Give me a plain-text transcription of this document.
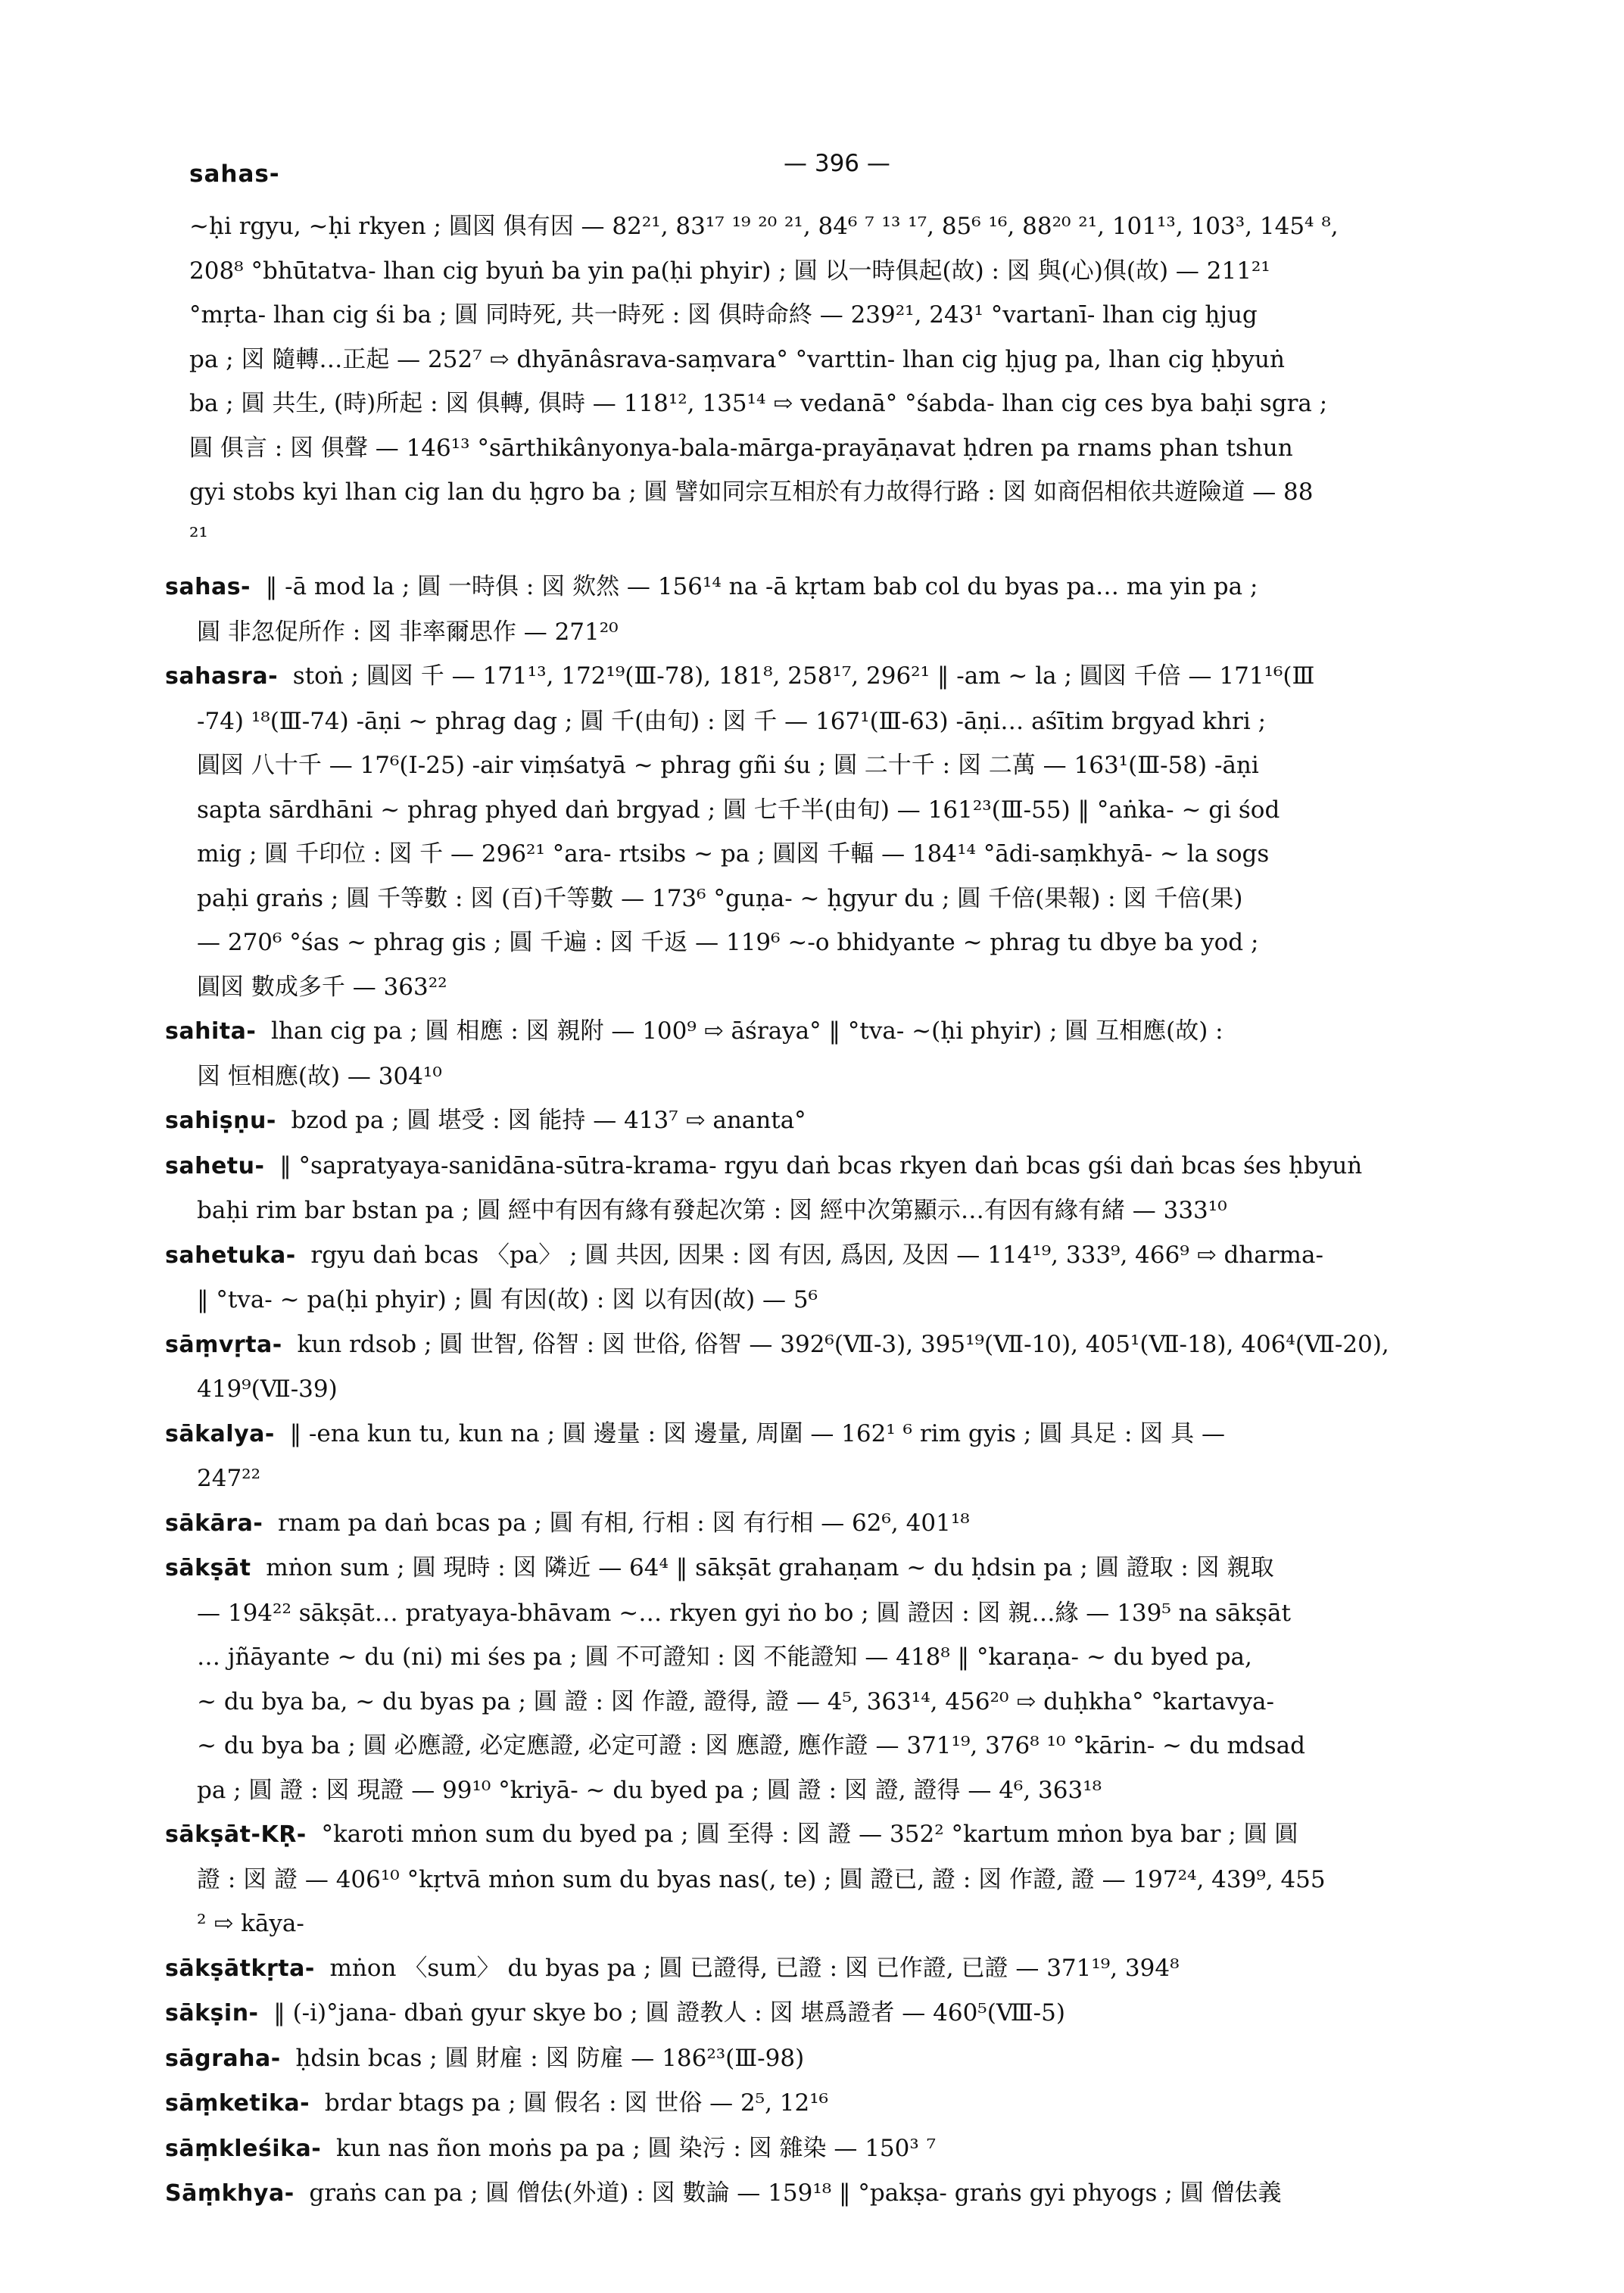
sahas-	— 396 —
~ḥi rgyu, ~ḥi rkyen ; 圓図 俱有因 — 82²¹, 83¹⁷ ¹⁹ ²⁰ ²¹, 84⁶ ⁷ ¹³ ¹⁷, 85⁶ ¹⁶, 88²⁰ ²¹, 101¹³, 103³, 145⁴ ⁸,
208⁸ °bhūtatva- lhan cig byuṅ ba yin pa(ḥi phyir) ; 圓 以一時俱起(故) : 図 與(心)俱(故) — 211²¹
°mṛta- lhan cig śi ba ; 圓 同時死, 共一時死 : 図 俱時命終 — 239²¹, 243¹ °vartanī- lhan cig ḥjug
pa ; 図 隨轉…正起 — 252⁷ ⇨ dhyānâsrava-saṃvara° °varttin- lhan cig ḥjug pa, lhan cig ḥbyuṅ
ba ; 圓 共生, (時)所起 : 図 俱轉, 俱時 — 118¹², 135¹⁴ ⇨ vedanā° °śabda- lhan cig ces bya baḥi sgra ;
圓 俱言 : 図 俱聲 — 146¹³ °sārthikânyonya-bala-mārga-prayāṇavat ḥdren pa rnams phan tshun
gyi stobs kyi lhan cig lan du ḥgro ba ; 圓 譬如同宗互相於有力故得行路 : 図 如商侶相依共遊險道 — 88
²¹
sahas- ‖ -ā mod la ; 圓 一時俱 : 図 欻然 — 156¹⁴ na -ā kṛtam bab col du byas pa… ma yin pa ;
圓 非忽促所作 : 図 非率爾思作 — 271²⁰
sahasra- stoṅ ; 圓図 千 — 171¹³, 172¹⁹(Ⅲ-78), 181⁸, 258¹⁷, 296²¹ ‖ -am ~ la ; 圓図 千倍 — 171¹⁶(Ⅲ
-74) ¹⁸(Ⅲ-74) -āṇi ~ phrag dag ; 圓 千(由旬) : 図 千 — 167¹(Ⅲ-63) -āṇi… aśītim brgyad khri ;
圓図 八十千 — 17⁶(Ⅰ-25) -air viṃśatyā ~ phrag gñi śu ; 圓 二十千 : 図 二萬 — 163¹(Ⅲ-58) -āṇi
sapta sārdhāni ~ phrag phyed daṅ brgyad ; 圓 七千半(由旬) — 161²³(Ⅲ-55) ‖ °aṅka- ~ gi śod
mig ; 圓 千印位 : 図 千 — 296²¹ °ara- rtsibs ~ pa ; 圓図 千輻 — 184¹⁴ °ādi-saṃkhyā- ~ la sogs
paḥi graṅs ; 圓 千等數 : 図 (百)千等數 — 173⁶ °guṇa- ~ ḥgyur du ; 圓 千倍(果報) : 図 千倍(果)
— 270⁶ °śas ~ phrag gis ; 圓 千遍 : 図 千返 — 119⁶ ~-o bhidyante ~ phrag tu dbye ba yod ;
圓図 數成多千 — 363²²
sahita- lhan cig pa ; 圓 相應 : 図 親附 — 100⁹ ⇨ āśraya° ‖ °tva- ~(ḥi phyir) ; 圓 互相應(故) :
図 恒相應(故) — 304¹⁰
sahiṣṇu- bzod pa ; 圓 堪受 : 図 能持 — 413⁷ ⇨ ananta°
sahetu- ‖ °sapratyaya-sanidāna-sūtra-krama- rgyu daṅ bcas rkyen daṅ bcas gśi daṅ bcas śes ḥbyuṅ
baḥi rim bar bstan pa ; 圓 經中有因有緣有發起次第 : 図 經中次第顯示…有因有緣有緒 — 333¹⁰
sahetuka- rgyu daṅ bcas 〈pa〉 ; 圓 共因, 因果 : 図 有因, 爲因, 及因 — 114¹⁹, 333⁹, 466⁹ ⇨ dharma-
‖ °tva- ~ pa(ḥi phyir) ; 圓 有因(故) : 図 以有因(故) — 5⁶
sāṃvṛta- kun rdsob ; 圓 世智, 俗智 : 図 世俗, 俗智 — 392⁶(Ⅶ-3), 395¹⁹(Ⅶ-10), 405¹(Ⅶ-18), 406⁴(Ⅶ-20),
419⁹(Ⅶ-39)
sākalya- ‖ -ena kun tu, kun na ; 圓 邊量 : 図 邊量, 周圍 — 162¹ ⁶ rim gyis ; 圓 具足 : 図 具 —
247²²
sākāra- rnam pa daṅ bcas pa ; 圓 有相, 行相 : 図 有行相 — 62⁶, 401¹⁸
sākṣāt mṅon sum ; 圓 現時 : 図 隣近 — 64⁴ ‖ sākṣāt grahaṇam ~ du ḥdsin pa ; 圓 證取 : 図 親取
— 194²² sākṣāt… pratyaya-bhāvam ~… rkyen gyi ṅo bo ; 圓 證因 : 図 親…緣 — 139⁵ na sākṣāt
… jñāyante ~ du (ni) mi śes pa ; 圓 不可證知 : 図 不能證知 — 418⁸ ‖ °karaṇa- ~ du byed pa,
~ du bya ba, ~ du byas pa ; 圓 證 : 図 作證, 證得, 證 — 4⁵, 363¹⁴, 456²⁰ ⇨ duḥkha° °kartavya-
~ du bya ba ; 圓 必應證, 必定應證, 必定可證 : 図 應證, 應作證 — 371¹⁹, 376⁸ ¹⁰ °kārin- ~ du mdsad
pa ; 圓 證 : 図 現證 — 99¹⁰ °kriyā- ~ du byed pa ; 圓 證 : 図 證, 證得 — 4⁶, 363¹⁸
sākṣāt-KṚ- °karoti mṅon sum du byed pa ; 圓 至得 : 図 證 — 352² °kartum mṅon bya bar ; 圓 圓
證 : 図 證 — 406¹⁰ °kṛtvā mṅon sum du byas nas(, te) ; 圓 證已, 證 : 図 作證, 證 — 197²⁴, 439⁹, 455
² ⇨ kāya-
sākṣātkṛta- mṅon 〈sum〉 du byas pa ; 圓 已證得, 已證 : 図 已作證, 已證 — 371¹⁹, 394⁸
sākṣin- ‖ (-i)°jana- dbaṅ gyur skye bo ; 圓 證教人 : 図 堪爲證者 — 460⁵(Ⅷ-5)
sāgraha- ḥdsin bcas ; 圓 財雇 : 図 防雇 — 186²³(Ⅲ-98)
sāṃketika- brdar btags pa ; 圓 假名 : 図 世俗 — 2⁵, 12¹⁶
sāṃkleśika- kun nas ñon moṅs pa pa ; 圓 染污 : 図 雜染 — 150³ ⁷
Sāṃkhya- graṅs can pa ; 圓 僧佉(外道) : 図 數論 — 159¹⁸ ‖ °pakṣa- graṅs gyi phyogs ; 圓 僧佉義
